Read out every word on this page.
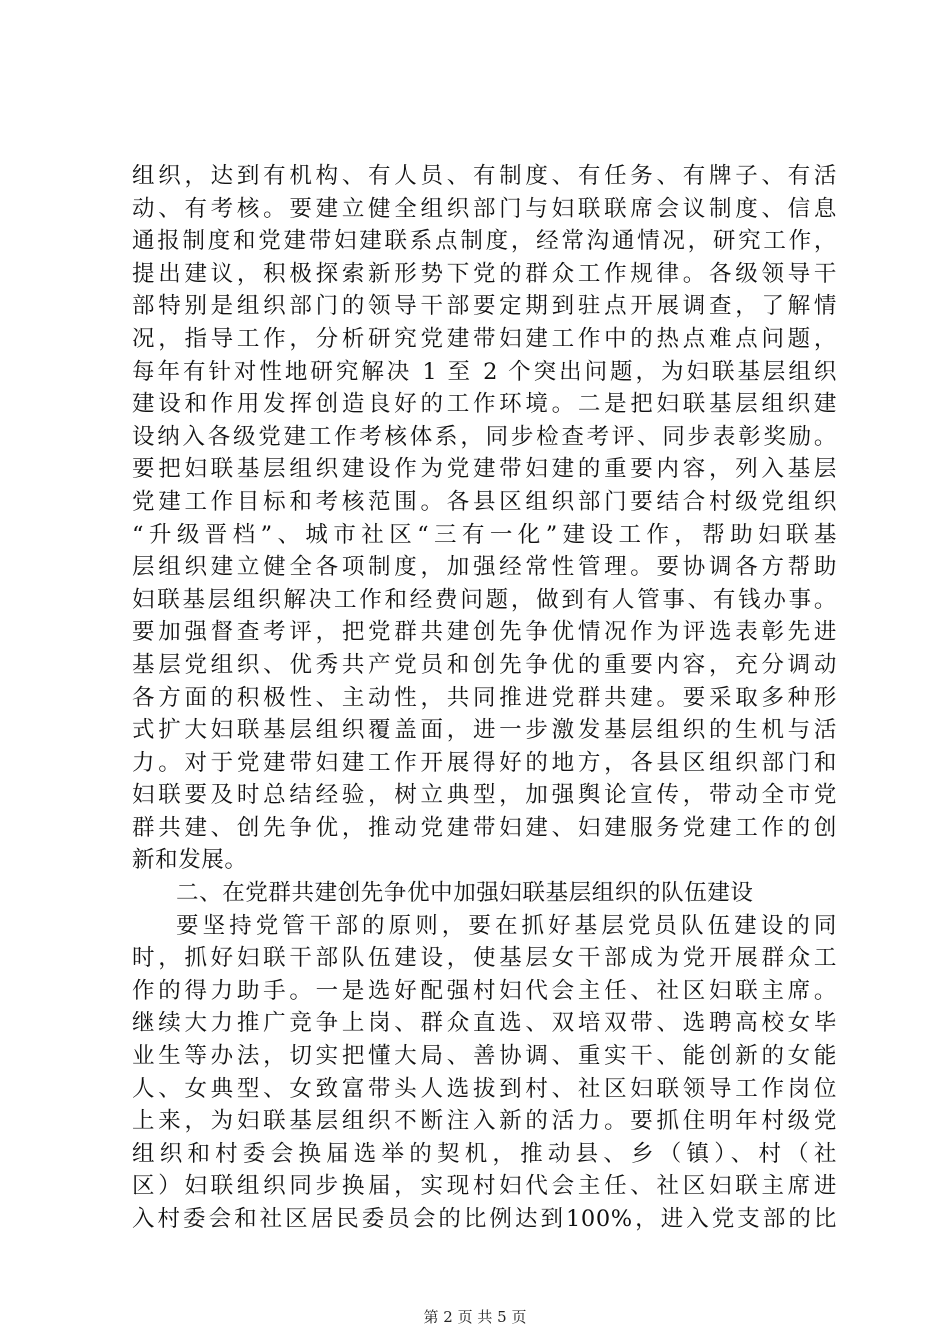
组织，达到有机构、有人员、有制度、有任务、有牌子、有活
动、有考核。要建立健全组织部门与妇联联席会议制度、信息
通报制度和党建带妇建联系点制度，经常沟通情况，研究工作，
提出建议，积极探索新形势下党的群众工作规律。各级领导干
部特别是组织部门的领导干部要定期到驻点开展调查，了解情
况，指导工作，分析研究党建带妇建工作中的热点难点问题，
每年有针对性地研究解决 1 至 2 个突出问题，为妇联基层组织
建设和作用发挥创造良好的工作环境。二是把妇联基层组织建
设纳入各级党建工作考核体系，同步检查考评、同步表彰奖励。
要把妇联基层组织建设作为党建带妇建的重要内容，列入基层
党建工作目标和考核范围。各县区组织部门要结合村级党组织
“升级晋档”、城市社区“三有一化”建设工作，帮助妇联基
层组织建立健全各项制度，加强经常性管理。要协调各方帮助
妇联基层组织解决工作和经费问题，做到有人管事、有钱办事。
要加强督查考评，把党群共建创先争优情况作为评选表彰先进
基层党组织、优秀共产党员和创先争优的重要内容，充分调动
各方面的积极性、主动性，共同推进党群共建。要采取多种形
式扩大妇联基层组织覆盖面，进一步激发基层组织的生机与活
力。对于党建带妇建工作开展得好的地方，各县区组织部门和
妇联要及时总结经验，树立典型，加强舆论宣传，带动全市党
群共建、创先争优，推动党建带妇建、妇建服务党建工作的创
新和发展。
二、在党群共建创先争优中加强妇联基层组织的队伍建设
要坚持党管干部的原则，要在抓好基层党员队伍建设的同
时，抓好妇联干部队伍建设，使基层女干部成为党开展群众工
作的得力助手。一是选好配强村妇代会主任、社区妇联主席。
继续大力推广竞争上岗、群众直选、双培双带、选聘高校女毕
业生等办法，切实把懂大局、善协调、重实干、能创新的女能
人、女典型、女致富带头人选拔到村、社区妇联领导工作岗位
上来，为妇联基层组织不断注入新的活力。要抓住明年村级党
组织和村委会换届选举的契机，推动县、乡（镇）、村（社
区）妇联组织同步换届，实现村妇代会主任、社区妇联主席进
入村委会和社区居民委员会的比例达到100%，进入党支部的比
第 2 页 共 5 页
